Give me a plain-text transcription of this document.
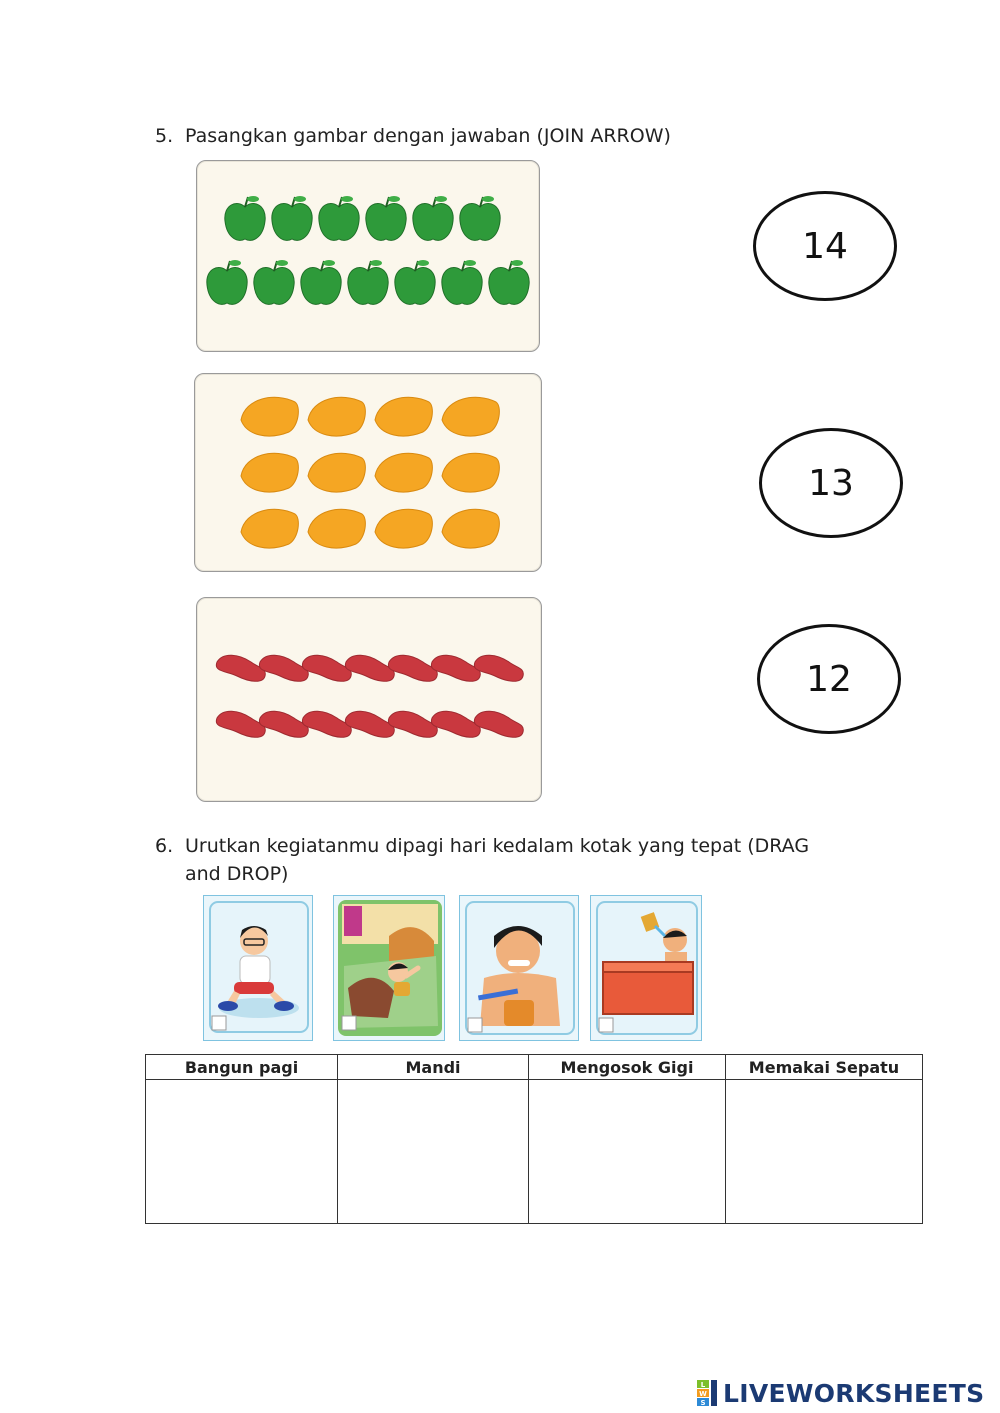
5. Pasangkan gambar dengan jawaban (JOIN ARROW)
14
13
12
6. Urutkan kegiatanmu dipagi hari kedalam kotak yang tepat (DRAG and DROP)
Bangun pagi	Mandi	Mengosok Gigi	Memakai Sepatu

L
W
S LIVEWORKSHEETS
